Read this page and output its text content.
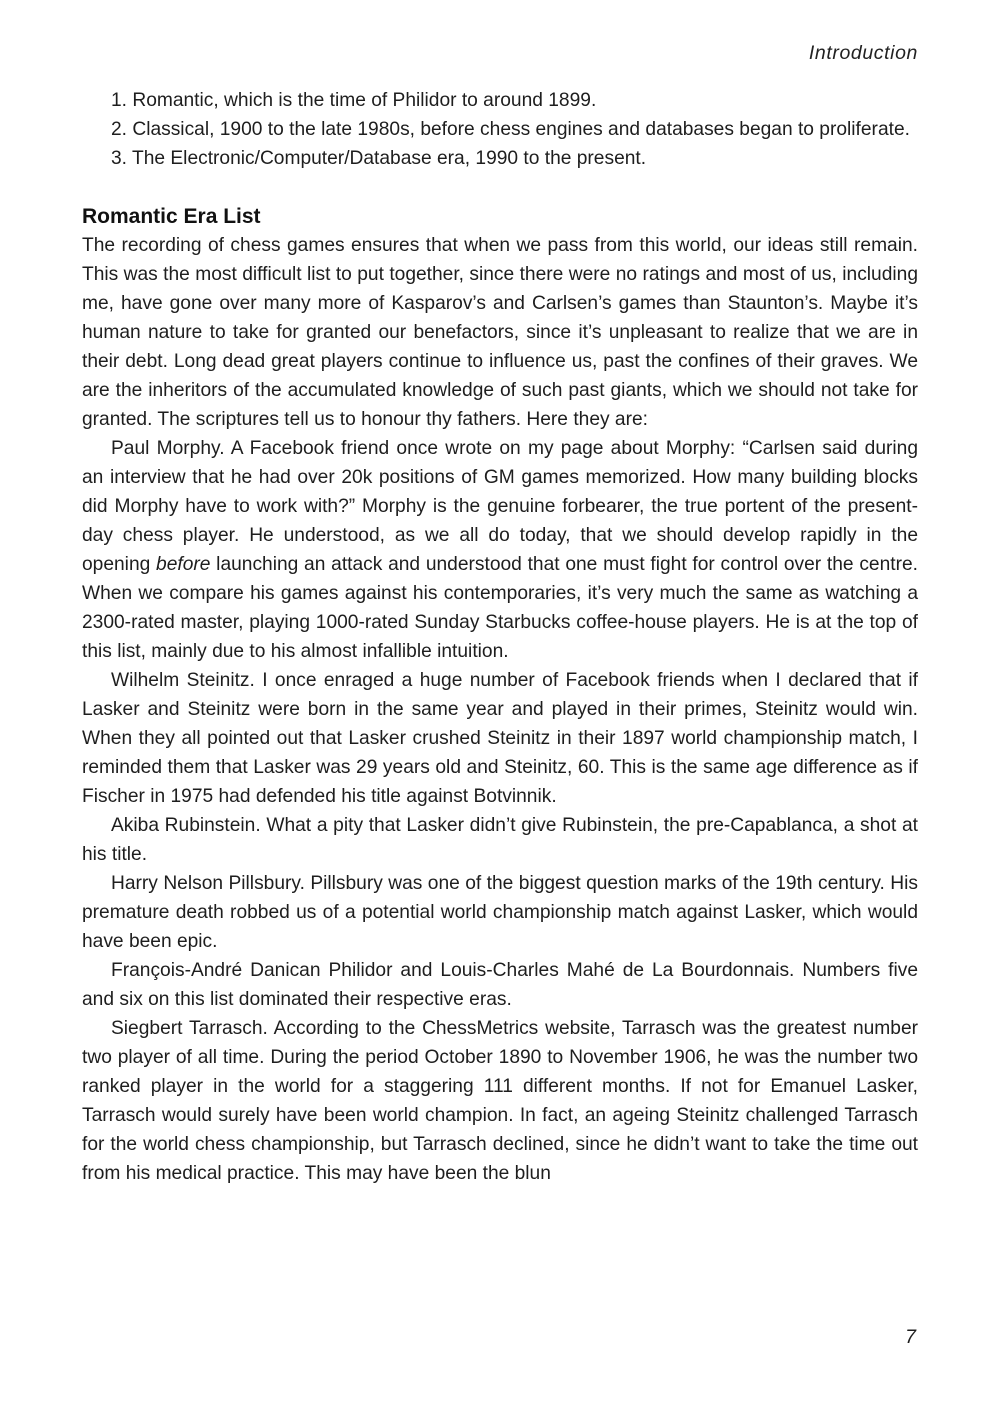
Introduction

1. Romantic, which is the time of Philidor to around 1899.

2. Classical, 1900 to the late 1980s, before chess engines and databases began to proliferate.

3. The Electronic/Computer/Database era, 1990 to the present.

Romantic Era List

The recording of chess games ensures that when we pass from this world, our ideas still remain. This was the most difficult list to put together, since there were no ratings and most of us, including me, have gone over many more of Kasparov’s and Carlsen’s games than Staunton’s. Maybe it’s human nature to take for granted our benefactors, since it’s unpleasant to realize that we are in their debt. Long dead great players continue to influence us, past the confines of their graves. We are the inheritors of the accumulated knowledge of such past giants, which we should not take for granted. The scriptures tell us to honour thy fathers. Here they are:

Paul Morphy. A Facebook friend once wrote on my page about Morphy: “Carlsen said during an interview that he had over 20k positions of GM games memorized. How many building blocks did Morphy have to work with?” Morphy is the genuine forbearer, the true portent of the present-day chess player. He understood, as we all do today, that we should develop rapidly in the opening before launching an attack and understood that one must fight for control over the centre. When we compare his games against his contemporaries, it’s very much the same as watching a 2300-rated master, playing 1000-rated Sunday Starbucks coffee-house players. He is at the top of this list, mainly due to his almost infallible intuition.

Wilhelm Steinitz. I once enraged a huge number of Facebook friends when I declared that if Lasker and Steinitz were born in the same year and played in their primes, Steinitz would win. When they all pointed out that Lasker crushed Steinitz in their 1897 world championship match, I reminded them that Lasker was 29 years old and Steinitz, 60. This is the same age difference as if Fischer in 1975 had defended his title against Botvinnik.

Akiba Rubinstein. What a pity that Lasker didn’t give Rubinstein, the pre-Capablanca, a shot at his title.

Harry Nelson Pillsbury. Pillsbury was one of the biggest question marks of the 19th century. His premature death robbed us of a potential world championship match against Lasker, which would have been epic.

François-André Danican Philidor and Louis-Charles Mahé de La Bourdonnais. Numbers five and six on this list dominated their respective eras.

Siegbert Tarrasch. According to the ChessMetrics website, Tarrasch was the greatest number two player of all time. During the period October 1890 to November 1906, he was the number two ranked player in the world for a staggering 111 different months. If not for Emanuel Lasker, Tarrasch would surely have been world champion. In fact, an ageing Steinitz challenged Tarrasch for the world chess championship, but Tarrasch declined, since he didn’t want to take the time out from his medical practice. This may have been the blun

7
